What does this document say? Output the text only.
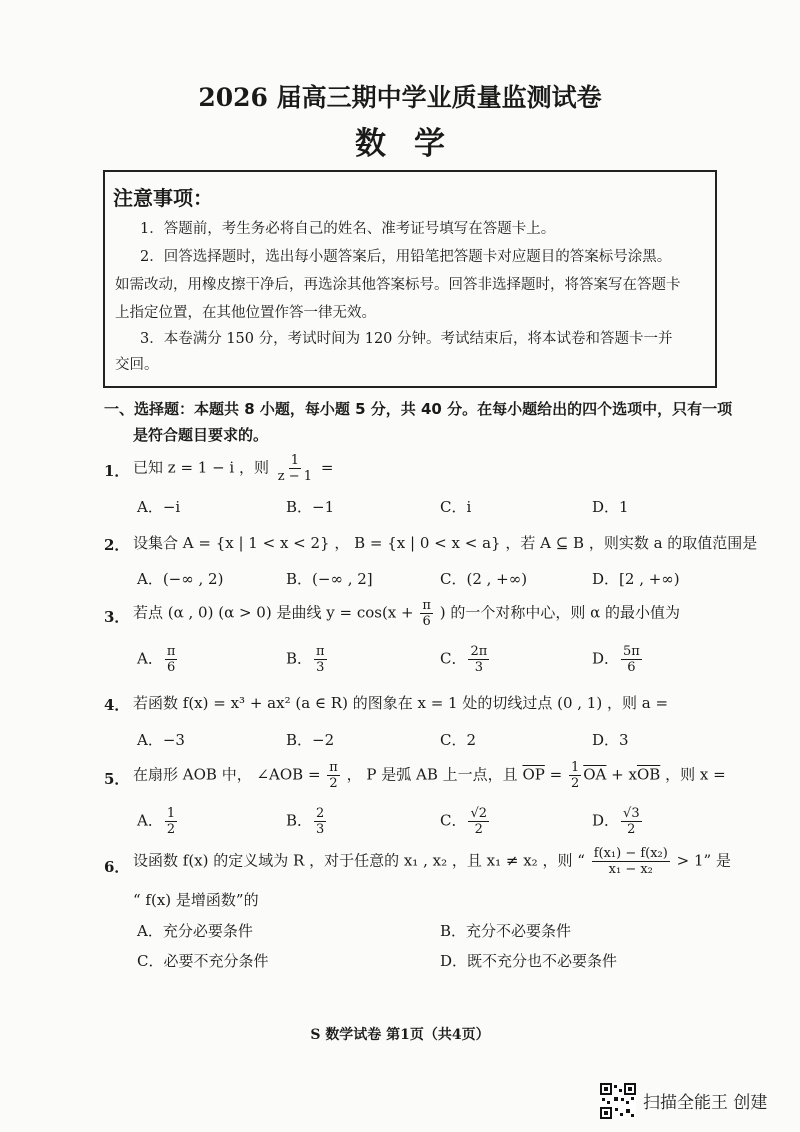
2026 届高三期中学业质量监测试卷
数学
注意事项：
1．答题前，考生务必将自己的姓名、准考证号填写在答题卡上。
2．回答选择题时，选出每小题答案后，用铅笔把答题卡对应题目的答案标号涂黑。
如需改动，用橡皮擦干净后，再选涂其他答案标号。回答非选择题时，将答案写在答题卡
上指定位置，在其他位置作答一律无效。
3．本卷满分 150 分，考试时间为 120 分钟。考试结束后，将本试卷和答题卡一并
交回。
一、选择题：本题共 8 小题，每小题 5 分，共 40 分。在每小题给出的四个选项中，只有一项
是符合题目要求的。
1． 已知 z = 1 − i ，则 $\frac{1}{z - 1}$ =
A．−i	B．−1	C．i	D．1
2． 设集合 A = {x | 1 < x < 2} ， B = {x | 0 < x < a} ，若 A ⊆ B ，则实数 a 的取值范围是
A．(−∞ , 2)	B．(−∞ , 2]	C．(2 , +∞)	D．[2 , +∞)
3． 若点 (α , 0) (α > 0) 是曲线 $y = \cos(x + \frac{\pi}{6}$ ) 的一个对称中心，则 α 的最小值为
A． $\frac{\pi}{6}$	B． $\frac{\pi}{3}$	C． $\frac{2\pi}{3}$	D． $\frac{5\pi}{6}$
4． 若函数 f(x) = x³ + ax² (a ∈ R) 的图象在 x = 1 处的切线过点 (0 , 1) ，则 a =
A．−3	B．−2	C．2	D．3
5． 在扇形 AOB 中， ∠AOB = $\frac{\pi}{2}$ ， P 是弧 AB 上一点，且 $\overline{OP} = \frac{1}{2} \overline{OA} + x\overline{OB}$ ，则 x =
A． $\frac{1}{2}$	B． $\frac{2}{3}$	C． $\frac{√2}{2}$	D． $\frac{√3}{2}$
6． 设函数 f(x) 的定义域为 R ，对于任意的 x₁ , x₂ ，且 x₁ ≠ x₂ ，则 “ $\frac{\text{f(x₁) − f(x₂)}}{\text{x₁ − x₂}} > 1$” 是
“ f(x) 是增函数”的
A．充分必要条件	B．充分不必要条件
C．必要不充分条件	D．既不充分也不必要条件
S 数学试卷 第1页（共4页）
扫描全能王 创建
